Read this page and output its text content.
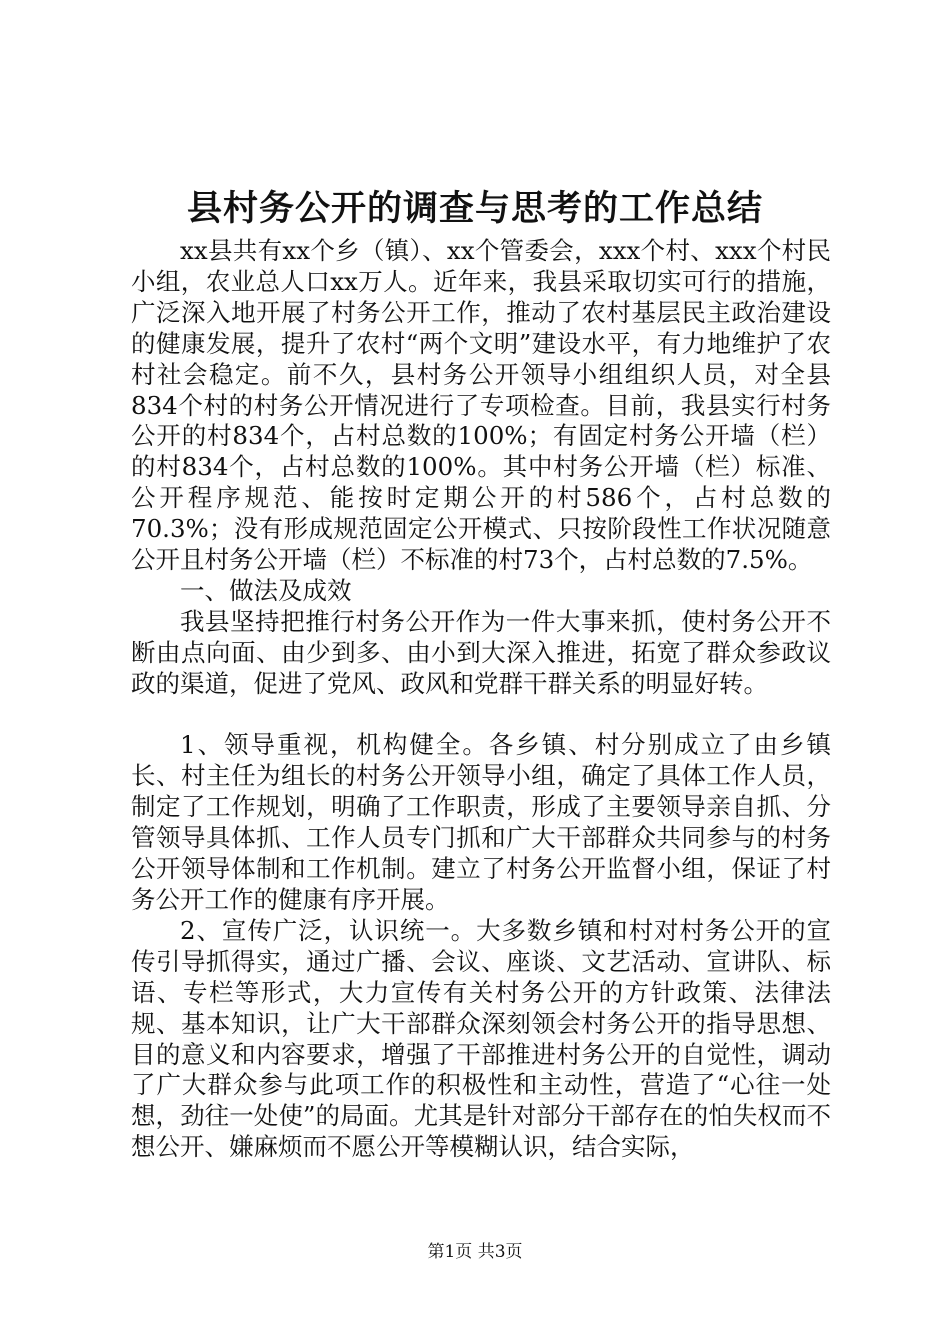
县村务公开的调查与思考的工作总结

xx县共有xx个乡（镇）、xx个管委会，xxx个村、xxx个村民小组，农业总人口xx万人。近年来，我县采取切实可行的措施，广泛深入地开展了村务公开工作，推动了农村基层民主政治建设的健康发展，提升了农村“两个文明”建设水平，有力地维护了农村社会稳定。前不久，县村务公开领导小组组织人员，对全县834个村的村务公开情况进行了专项检查。目前，我县实行村务公开的村834个，占村总数的100%；有固定村务公开墙（栏）的村834个，占村总数的100%。其中村务公开墙（栏）标准、公开程序规范、能按时定期公开的村586个，占村总数的70.3%；没有形成规范固定公开模式、只按阶段性工作状况随意公开且村务公开墙（栏）不标准的村73个，占村总数的7.5%。

一、做法及成效

我县坚持把推行村务公开作为一件大事来抓，使村务公开不断由点向面、由少到多、由小到大深入推进，拓宽了群众参政议政的渠道，促进了党风、政风和党群干群关系的明显好转。

1、领导重视，机构健全。各乡镇、村分别成立了由乡镇长、村主任为组长的村务公开领导小组，确定了具体工作人员，制定了工作规划，明确了工作职责，形成了主要领导亲自抓、分管领导具体抓、工作人员专门抓和广大干部群众共同参与的村务公开领导体制和工作机制。建立了村务公开监督小组，保证了村务公开工作的健康有序开展。

2、宣传广泛，认识统一。大多数乡镇和村对村务公开的宣传引导抓得实，通过广播、会议、座谈、文艺活动、宣讲队、标语、专栏等形式，大力宣传有关村务公开的方针政策、法律法规、基本知识，让广大干部群众深刻领会村务公开的指导思想、目的意义和内容要求，增强了干部推进村务公开的自觉性，调动了广大群众参与此项工作的积极性和主动性，营造了“心往一处想，劲往一处使”的局面。尤其是针对部分干部存在的怕失权而不想公开、嫌麻烦而不愿公开等模糊认识，结合实际，

第1页 共3页
